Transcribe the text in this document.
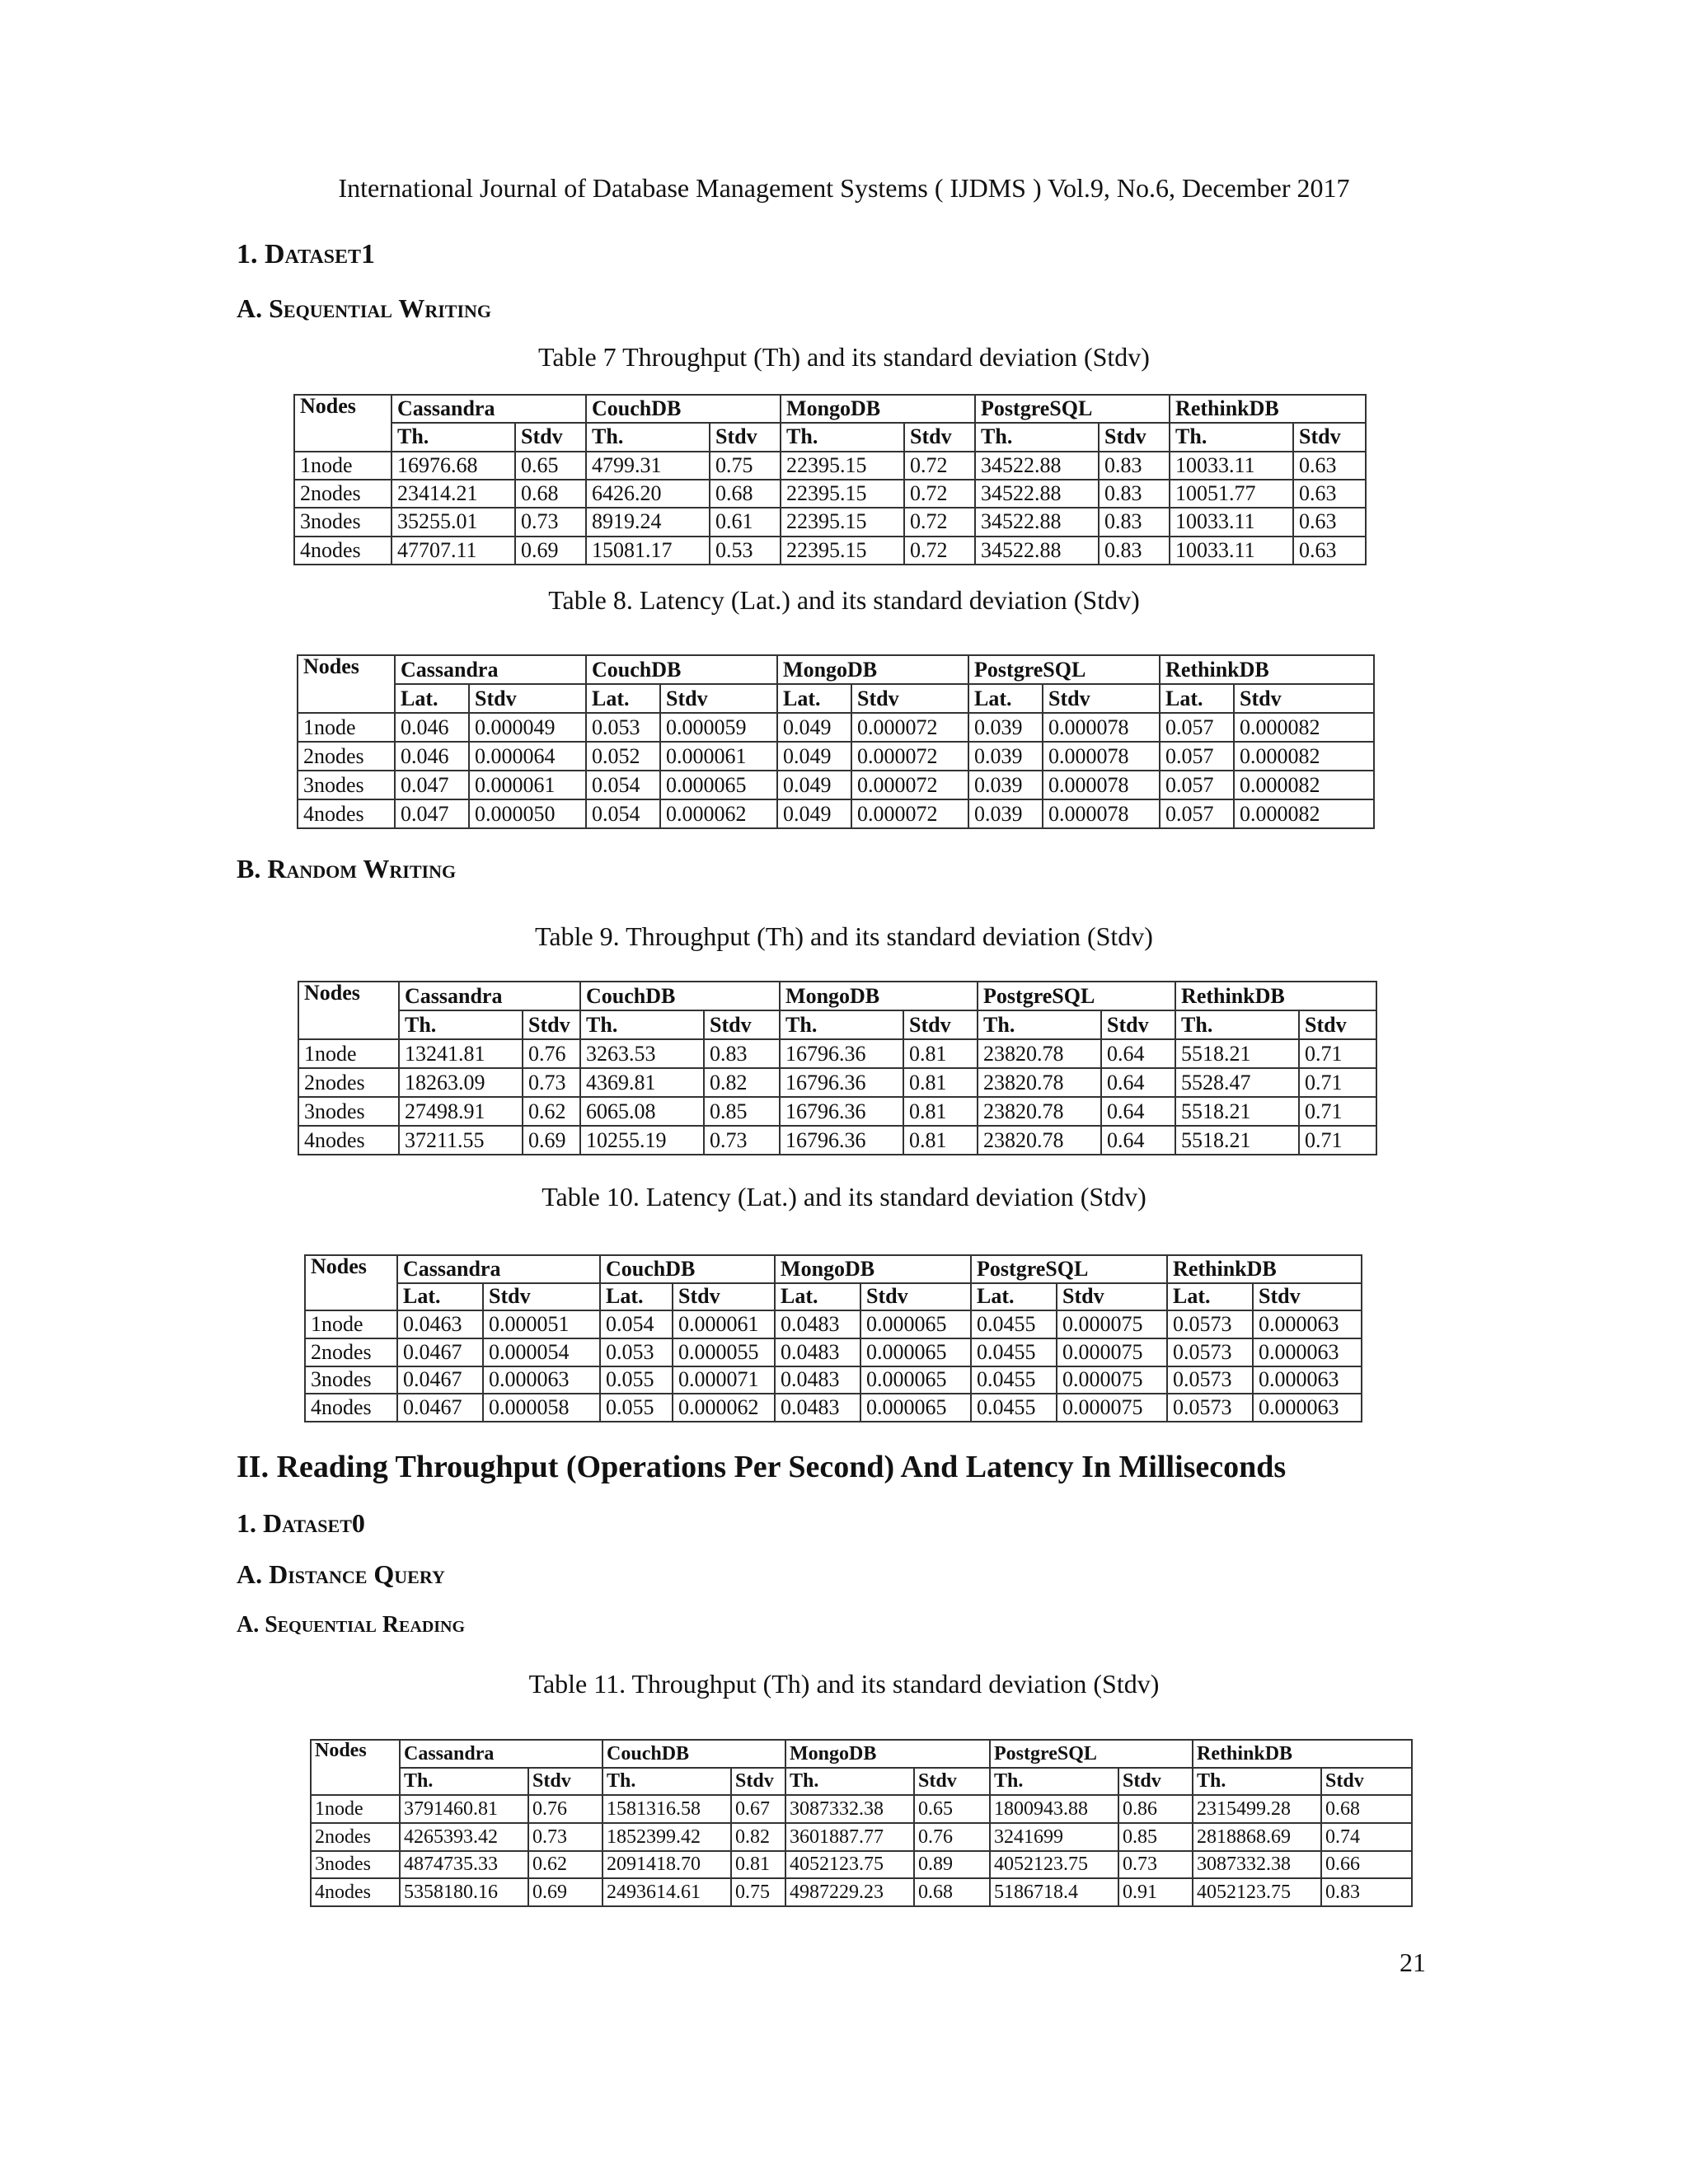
International Journal of Database Management Systems ( IJDMS ) Vol.9, No.6, December 2017
1. Dataset1
A. Sequential Writing
Table 7 Throughput (Th) and its standard deviation (Stdv)
Nodes	Cassandra		CouchDB		MongoDB		PostgreSQL		RethinkDB	
	Th.	Stdv	Th.	Stdv	Th.	Stdv	Th.	Stdv	Th.	Stdv
1node	16976.68	0.65	4799.31	0.75	22395.15	0.72	34522.88	0.83	10033.11	0.63
2nodes	23414.21	0.68	6426.20	0.68	22395.15	0.72	34522.88	0.83	10051.77	0.63
3nodes	35255.01	0.73	8919.24	0.61	22395.15	0.72	34522.88	0.83	10033.11	0.63
4nodes	47707.11	0.69	15081.17	0.53	22395.15	0.72	34522.88	0.83	10033.11	0.63
Table 8. Latency (Lat.) and its standard deviation (Stdv)
Nodes	Cassandra		CouchDB		MongoDB		PostgreSQL		RethinkDB	
	Lat.	Stdv	Lat.	Stdv	Lat.	Stdv	Lat.	Stdv	Lat.	Stdv
1node	0.046	0.000049	0.053	0.000059	0.049	0.000072	0.039	0.000078	0.057	0.000082
2nodes	0.046	0.000064	0.052	0.000061	0.049	0.000072	0.039	0.000078	0.057	0.000082
3nodes	0.047	0.000061	0.054	0.000065	0.049	0.000072	0.039	0.000078	0.057	0.000082
4nodes	0.047	0.000050	0.054	0.000062	0.049	0.000072	0.039	0.000078	0.057	0.000082
B. Random Writing
Table 9. Throughput (Th) and its standard deviation (Stdv)
Nodes	Cassandra		CouchDB		MongoDB		PostgreSQL		RethinkDB	
	Th.	Stdv	Th.	Stdv	Th.	Stdv	Th.	Stdv	Th.	Stdv
1node	13241.81	0.76	3263.53	0.83	16796.36	0.81	23820.78	0.64	5518.21	0.71
2nodes	18263.09	0.73	4369.81	0.82	16796.36	0.81	23820.78	0.64	5528.47	0.71
3nodes	27498.91	0.62	6065.08	0.85	16796.36	0.81	23820.78	0.64	5518.21	0.71
4nodes	37211.55	0.69	10255.19	0.73	16796.36	0.81	23820.78	0.64	5518.21	0.71
Table 10. Latency (Lat.) and its standard deviation (Stdv)
Nodes	Cassandra		CouchDB		MongoDB		PostgreSQL		RethinkDB	
	Lat.	Stdv	Lat.	Stdv	Lat.	Stdv	Lat.	Stdv	Lat.	Stdv
1node	0.0463	0.000051	0.054	0.000061	0.0483	0.000065	0.0455	0.000075	0.0573	0.000063
2nodes	0.0467	0.000054	0.053	0.000055	0.0483	0.000065	0.0455	0.000075	0.0573	0.000063
3nodes	0.0467	0.000063	0.055	0.000071	0.0483	0.000065	0.0455	0.000075	0.0573	0.000063
4nodes	0.0467	0.000058	0.055	0.000062	0.0483	0.000065	0.0455	0.000075	0.0573	0.000063
II. Reading Throughput (Operations Per Second) And Latency In Milliseconds
1. Dataset0
A. Distance Query
A. Sequential Reading
Table 11. Throughput (Th) and its standard deviation (Stdv)
Nodes	Cassandra		CouchDB		MongoDB		PostgreSQL		RethinkDB	
	Th.	Stdv	Th.	Stdv	Th.	Stdv	Th.	Stdv	Th.	Stdv
1node	3791460.81	0.76	1581316.58	0.67	3087332.38	0.65	1800943.88	0.86	2315499.28	0.68
2nodes	4265393.42	0.73	1852399.42	0.82	3601887.77	0.76	3241699	0.85	2818868.69	0.74
3nodes	4874735.33	0.62	2091418.70	0.81	4052123.75	0.89	4052123.75	0.73	3087332.38	0.66
4nodes	5358180.16	0.69	2493614.61	0.75	4987229.23	0.68	5186718.4	0.91	4052123.75	0.83
21
